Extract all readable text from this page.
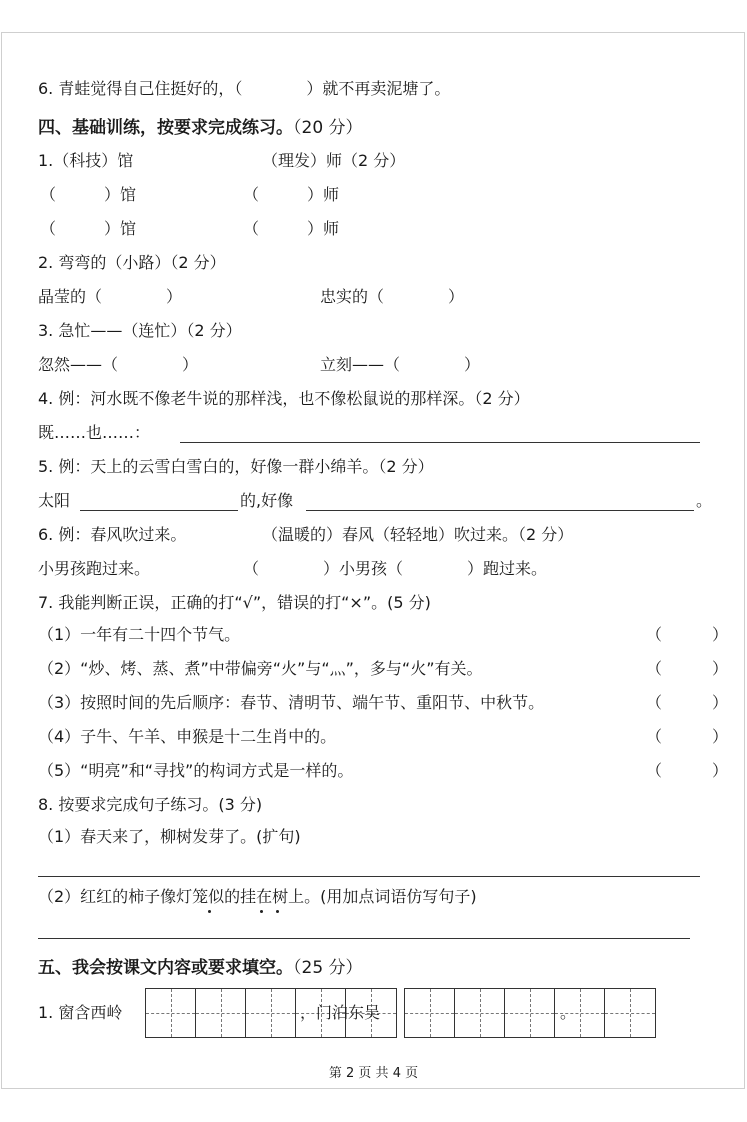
6. 青蛙觉得自己住挺好的，（　　　　）就不再卖泥塘了。
四、基础训练，按要求完成练习。（20 分）
1.（科技）馆	（理发）师（2 分）
（　　　）馆	（　　　）师
（　　　）馆	（　　　）师
2. 弯弯的（小路）（2 分）
晶莹的（　　　　）	忠实的（　　　　）
3. 急忙——（连忙）（2 分）
忽然——（　　　　）	立刻——（　　　　）
4. 例：河水既不像老牛说的那样浅，也不像松鼠说的那样深。（2 分）
既……也……：
5. 例：天上的云雪白雪白的，好像一群小绵羊。（2 分）
太阳	的,好像	。
6. 例：春风吹过来。	（温暖的）春风（轻轻地）吹过来。（2 分）
小男孩跑过来。	（　　　　）小男孩（　　　　）跑过来。
7. 我能判断正误，正确的打“√”，错误的打“×”。(5 分)
（1）一年有二十四个节气。	（	）
（2）“炒、烤、蒸、煮”中带偏旁“火”与“灬”，多与“火”有关。	（	）
（3）按照时间的先后顺序：春节、清明节、端午节、重阳节、中秋节。	（	）
（4）子牛、午羊、申猴是十二生肖中的。	（	）
（5）“明亮”和“寻找”的构词方式是一样的。	（	）
8. 按要求完成句子练习。(3 分)
（1）春天来了，柳树发芽了。(扩句)
（2）红红的柿子像灯笼似的挂在树上。(用加点词语仿写句子)
五、我会按课文内容或要求填空。（25 分）
1. 窗含西岭	，门泊东吴	。
第 2 页 共 4 页
